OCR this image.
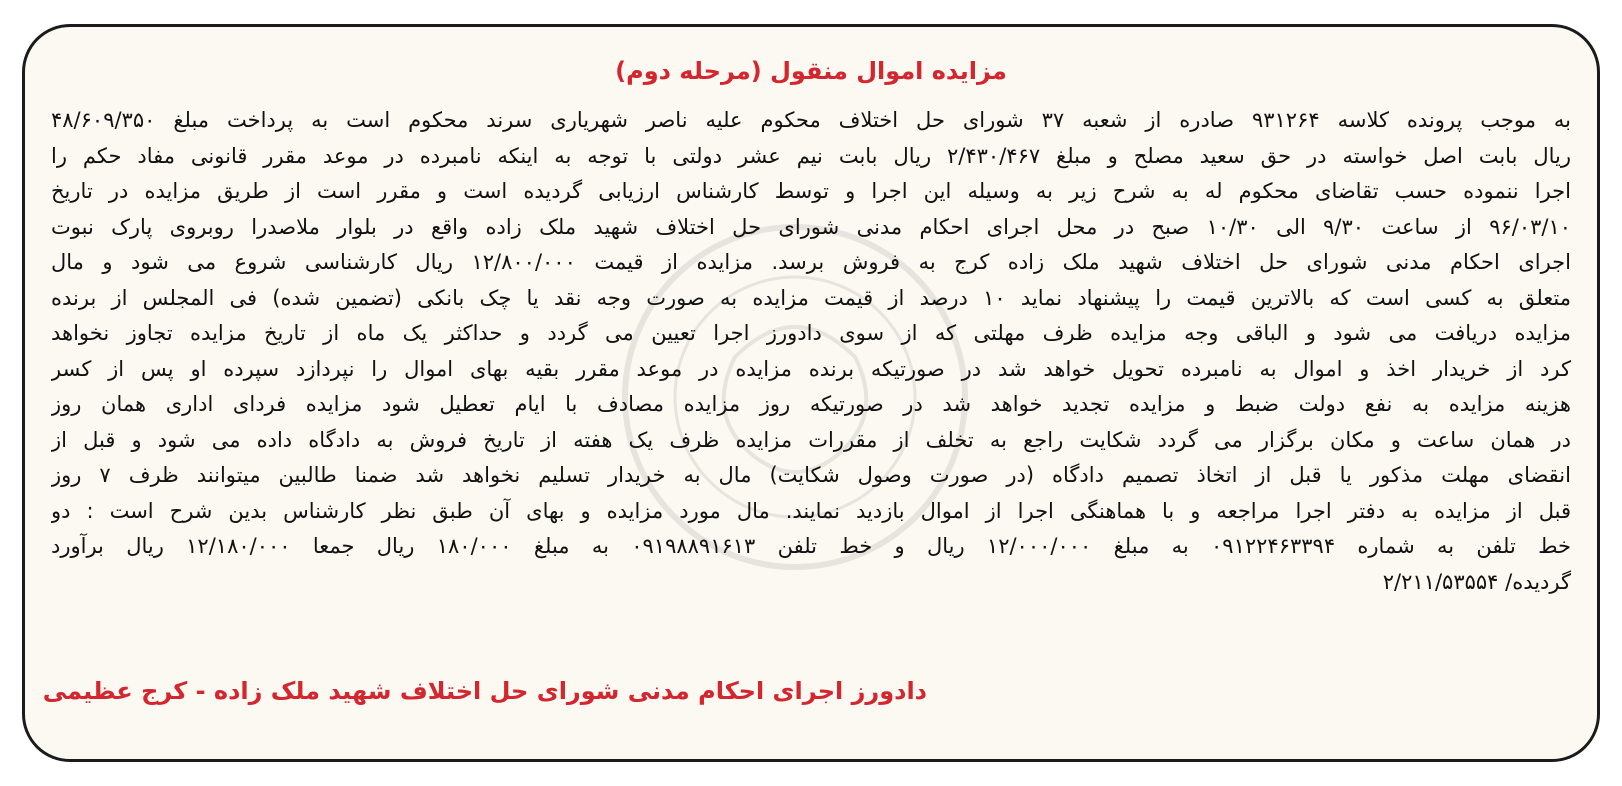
مزایده اموال منقول (مرحله دوم)
به موجب پرونده کلاسه ۹۳۱۲۶۴ صادره از شعبه ۳۷ شورای حل اختلاف محکوم علیه ناصر شهریاری سرند محکوم است به پرداخت مبلغ ۴۸/۶۰۹/۳۵۰
ریال بابت اصل خواسته در حق سعید مصلح و مبلغ ۲/۴۳۰/۴۶۷ ریال بابت نیم عشر دولتی با توجه به اینکه نامبرده در موعد مقرر قانونی مفاد حکم را
اجرا ننموده حسب تقاضای محکوم له به شرح زیر به وسیله این اجرا و توسط کارشناس ارزیابی گردیده است و مقرر است از طریق مزایده در تاریخ
۹۶/۰۳/۱۰ از ساعت ۹/۳۰ الی ۱۰/۳۰ صبح در محل اجرای احکام مدنی شورای حل اختلاف شهید ملک زاده واقع در بلوار ملاصدرا روبروی پارک نبوت
اجرای احکام مدنی شورای حل اختلاف شهید ملک زاده کرج به فروش برسد. مزایده از قیمت ۱۲/۸۰۰/۰۰۰ ریال کارشناسی شروع می شود و مال
متعلق به کسی است که بالاترین قیمت را پیشنهاد نماید ۱۰ درصد از قیمت مزایده به صورت وجه نقد یا چک بانکی (تضمین شده) فی المجلس از برنده
مزایده دریافت می شود و الباقی وجه مزایده ظرف مهلتی که از سوی دادورز اجرا تعیین می گردد و حداکثر یک ماه از تاریخ مزایده تجاوز نخواهد
کرد از خریدار اخذ و اموال به نامبرده تحویل خواهد شد در صورتیکه برنده مزایده در موعد مقرر بقیه بهای اموال را نپردازد سپرده او پس از کسر
هزینه مزایده به نفع دولت ضبط و مزایده تجدید خواهد شد در صورتیکه روز مزایده مصادف با ایام تعطیل شود مزایده فردای اداری همان روز
در همان ساعت و مکان برگزار می گردد شکایت راجع به تخلف از مقررات مزایده ظرف یک هفته از تاریخ فروش به دادگاه داده می شود و قبل از
انقضای مهلت مذکور یا قبل از اتخاذ تصمیم دادگاه (در صورت وصول شکایت) مال به خریدار تسلیم نخواهد شد ضمنا طالبین میتوانند ظرف ۷ روز
قبل از مزایده به دفتر اجرا مراجعه و با هماهنگی اجرا از اموال بازدید نمایند. مال مورد مزایده و بهای آن طبق نظر کارشناس بدین شرح است : دو
خط تلفن به شماره ۰۹۱۲۲۴۶۳۳۹۴ به مبلغ ۱۲/۰۰۰/۰۰۰ ریال و خط تلفن ۰۹۱۹۸۸۹۱۶۱۳ به مبلغ ۱۸۰/۰۰۰ ریال جمعا ۱۲/۱۸۰/۰۰۰ ریال برآورد
گردیده/ ۲/۲۱۱/۵۳۵۵۴
دادورز اجرای احکام مدنی شورای حل اختلاف شهید ملک زاده - کرج عظیمی
